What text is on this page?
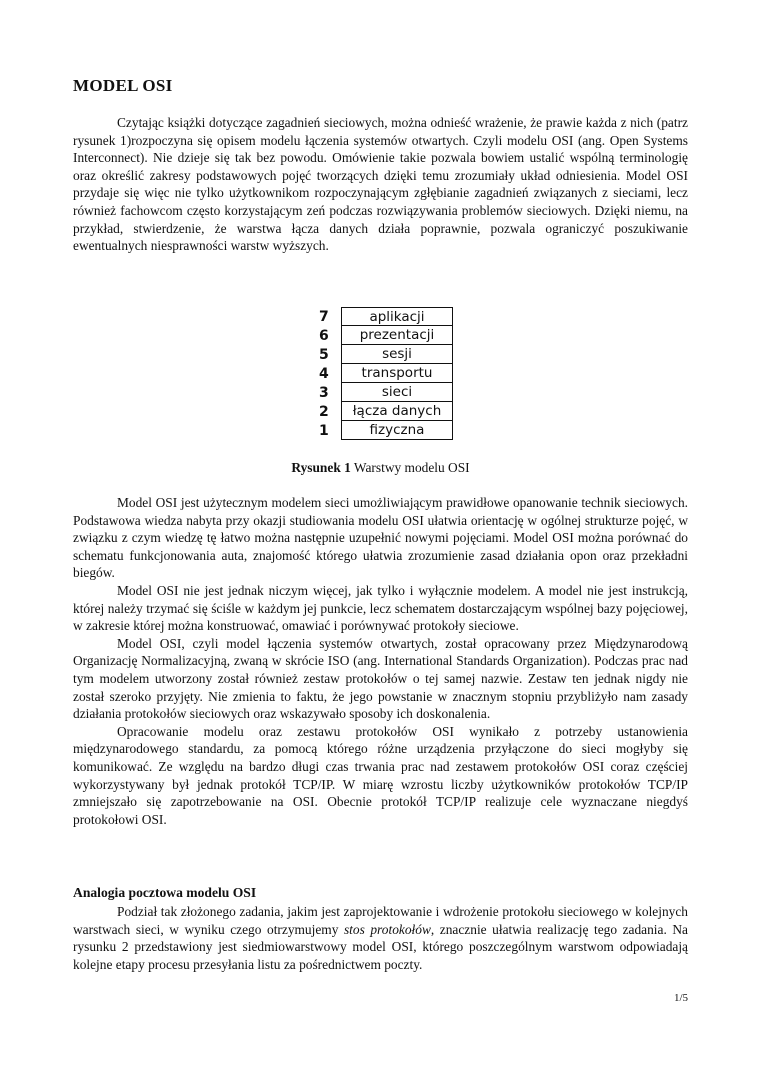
MODEL OSI

Czytając książki dotyczące zagadnień sieciowych, można odnieść wrażenie, że prawie każda z nich (patrz rysunek 1)rozpoczyna się opisem modelu łączenia systemów otwartych. Czyli modelu OSI (ang. Open Systems Interconnect). Nie dzieje się tak bez powodu. Omówienie takie pozwala bowiem ustalić wspólną terminologię oraz określić zakresy podstawowych pojęć tworzących dzięki temu zrozumiały układ odniesienia. Model OSI przydaje się więc nie tylko użytkownikom rozpoczynającym zgłębianie zagadnień związanych z sieciami, lecz również fachowcom często korzystającym zeń podczas rozwiązywania problemów sieciowych. Dzięki niemu, na przykład, stwierdzenie, że warstwa łącza danych działa poprawnie, pozwala ograniczyć poszukiwanie ewentualnych niesprawności warstw wyższych.

7	aplikacji
6	prezentacji
5	sesji
4	transportu
3	sieci
2	łącza danych
1	fizyczna
Rysunek 1 Warstwy modelu OSI

Model OSI jest użytecznym modelem sieci umożliwiającym prawidłowe opanowanie technik sieciowych. Podstawowa wiedza nabyta przy okazji studiowania modelu OSI ułatwia orientację w ogólnej strukturze pojęć, w związku z czym wiedzę tę łatwo można następnie uzupełnić nowymi pojęciami. Model OSI można porównać do schematu funkcjonowania auta, znajomość którego ułatwia zrozumienie zasad działania opon oraz przekładni biegów.

Model OSI nie jest jednak niczym więcej, jak tylko i wyłącznie modelem. A model nie jest instrukcją, której należy trzymać się ściśle w każdym jej punkcie, lecz schematem dostarczającym wspólnej bazy pojęciowej, w zakresie której można konstruować, omawiać i porównywać protokoły sieciowe.

Model OSI, czyli model łączenia systemów otwartych, został opracowany przez Międzynarodową Organizację Normalizacyjną, zwaną w skrócie ISO (ang. International Standards Organization). Podczas prac nad tym modelem utworzony został również zestaw protokołów o tej samej nazwie. Zestaw ten jednak nigdy nie został szeroko przyjęty. Nie zmienia to faktu, że jego powstanie w znacznym stopniu przybliżyło nam zasady działania protokołów sieciowych oraz wskazywało sposoby ich doskonalenia.

Opracowanie modelu oraz zestawu protokołów OSI wynikało z potrzeby ustanowienia międzynarodowego standardu, za pomocą którego różne urządzenia przyłączone do sieci mogłyby się komunikować. Ze względu na bardzo długi czas trwania prac nad zestawem protokołów OSI coraz częściej wykorzystywany był jednak protokół TCP/IP. W miarę wzrostu liczby użytkowników protokołów TCP/IP zmniejszało się zapotrzebowanie na OSI. Obecnie protokół TCP/IP realizuje cele wyznaczane niegdyś protokołowi OSI.

Analogia pocztowa modelu OSI

Podział tak złożonego zadania, jakim jest zaprojektowanie i wdrożenie protokołu sieciowego w kolejnych warstwach sieci, w wyniku czego otrzymujemy stos protokołów, znacznie ułatwia realizację tego zadania. Na rysunku 2 przedstawiony jest siedmiowarstwowy model OSI, którego poszczególnym warstwom odpowiadają kolejne etapy procesu przesyłania listu za pośrednictwem poczty.

1/5
